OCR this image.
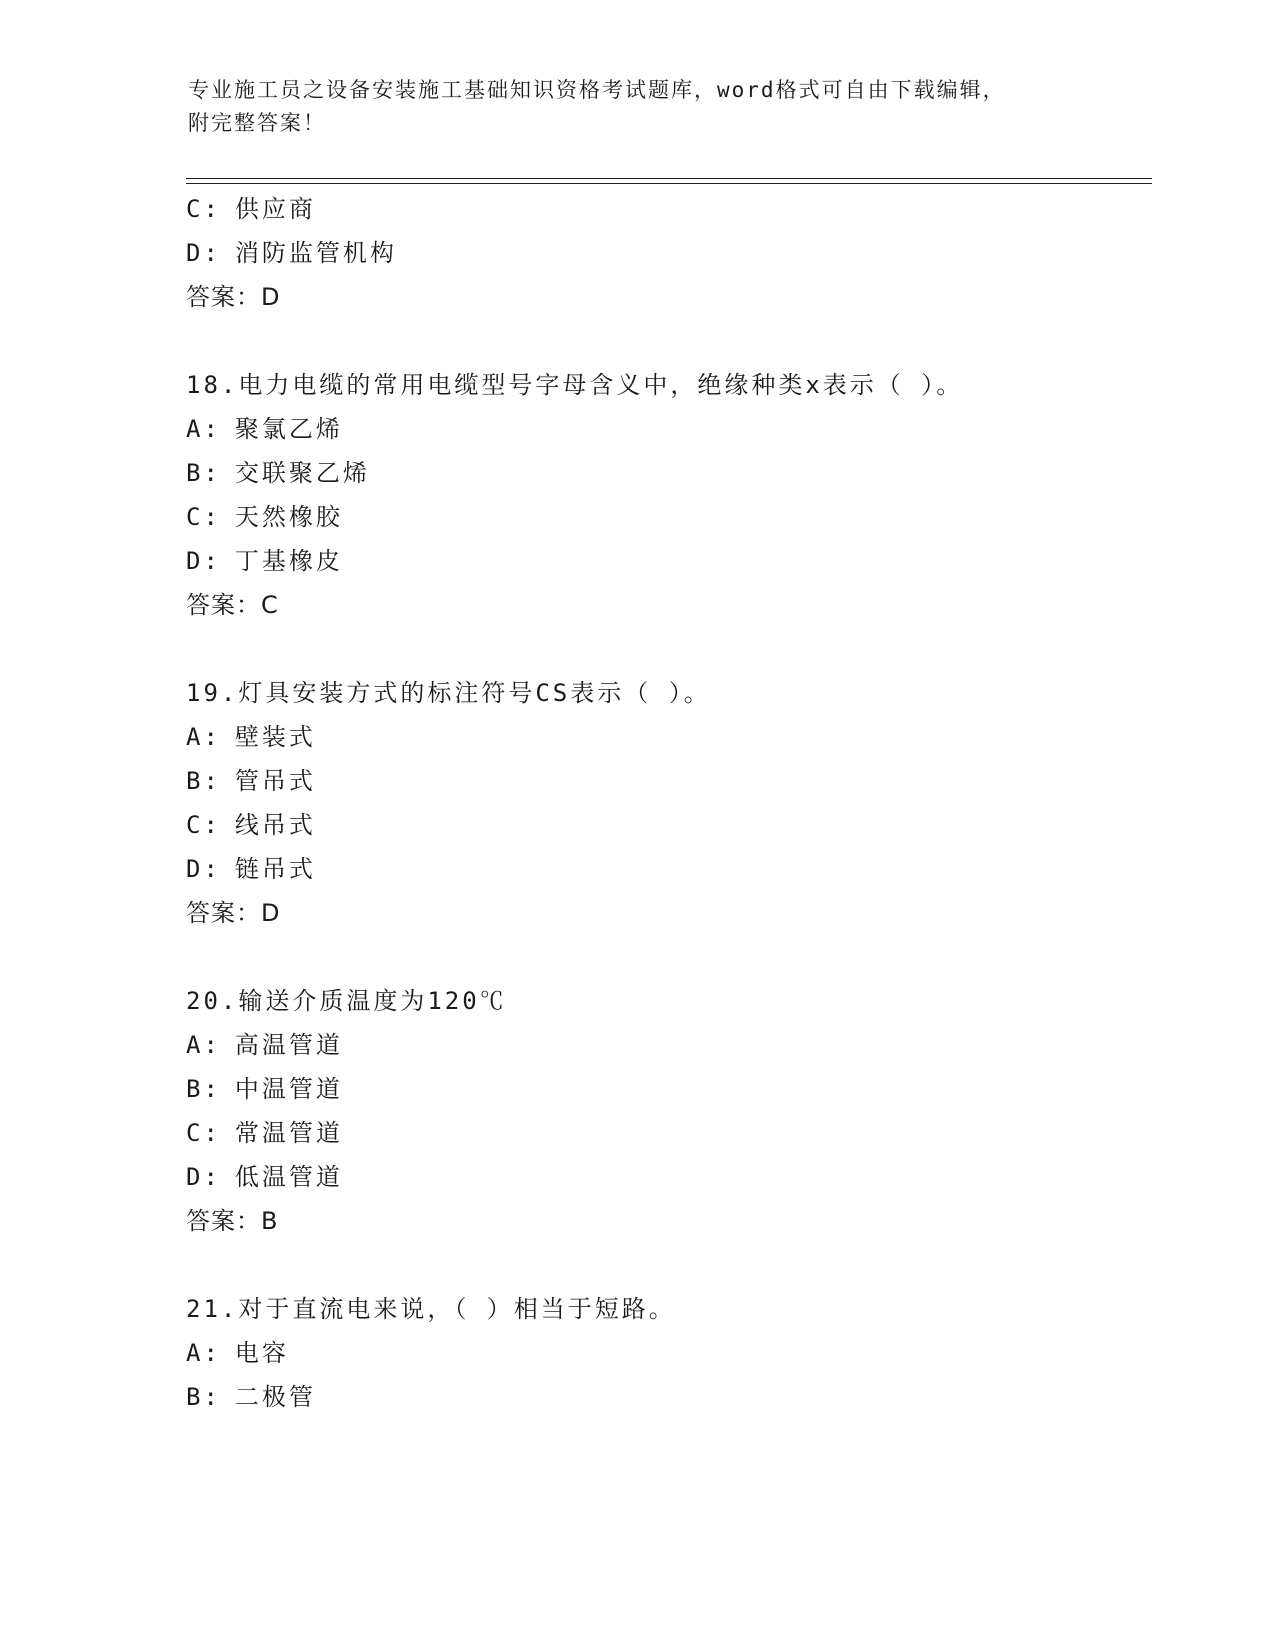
专业施工员之设备安装施工基础知识资格考试题库，word格式可自由下载编辑，
附完整答案！
C: 供应商
D: 消防监管机构
答案：D
18.电力电缆的常用电缆型号字母含义中，绝缘种类x表示（ ）。
A: 聚氯乙烯
B: 交联聚乙烯
C: 天然橡胶
D: 丁基橡皮
答案：C
19.灯具安装方式的标注符号CS表示（ ）。
A: 壁装式
B: 管吊式
C: 线吊式
D: 链吊式
答案：D
20.输送介质温度为120℃
A: 高温管道
B: 中温管道
C: 常温管道
D: 低温管道
答案：B
21.对于直流电来说，（ ）相当于短路。
A: 电容
B: 二极管
